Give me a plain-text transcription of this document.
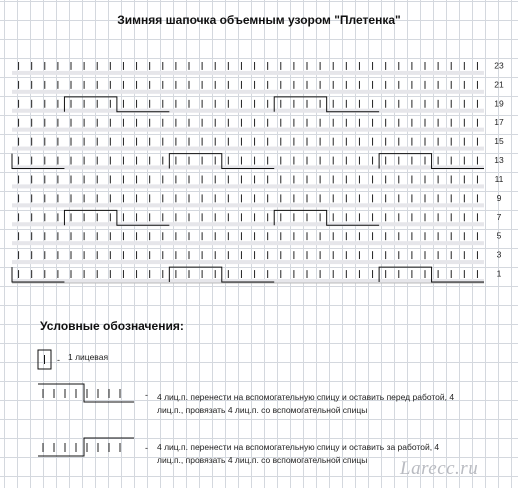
Зимняя шапочка объемным узором "Плетенка"
23
21
19
17
15
13
11
9
7
5
3
1
Условные обозначения:
-
-
-
1 лицевая
4 лиц.п. перенести на вспомогательную спицу и оставить перед работой, 4 лиц.п., провязать 4 лиц.п. со вспомогательной спицы
4 лиц.п. перенести на вспомогательную спицу и оставить за работой, 4 лиц.п., провязать 4 лиц.п. со вспомогательной спицы	Larecc.ru
